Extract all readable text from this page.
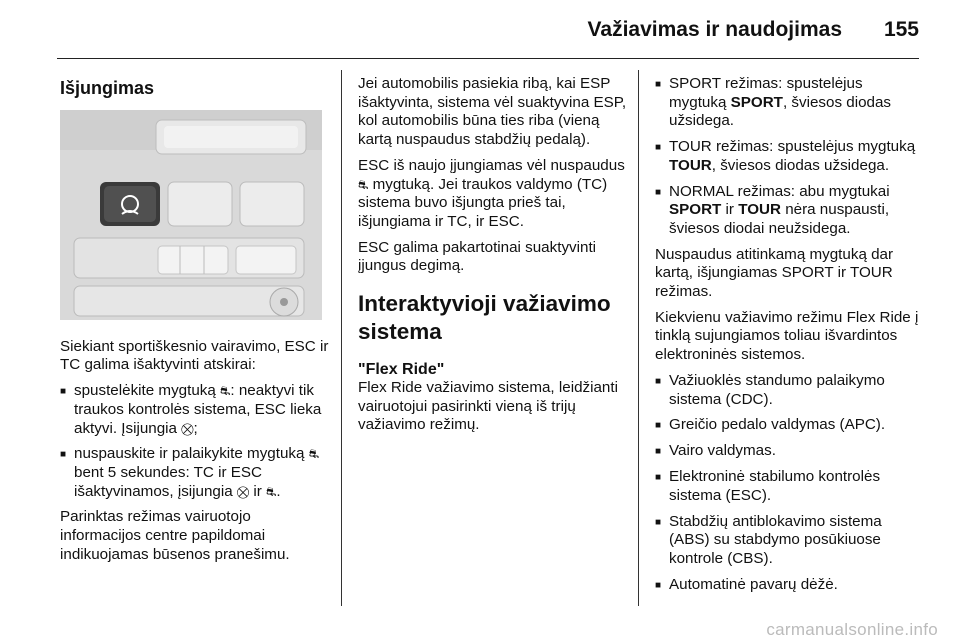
Važiavimas ir naudojimas 155
Išjungimas

Siekiant sportiškesnio vairavimo, ESC ir TC galima išaktyvinti atskirai:

■ spustelėkite mygtuką ⛐: neaktyvi tik traukos kontrolės sistema, ESC lieka aktyvi. Įsijungia ⛒;
■ nuspauskite ir palaikykite mygtuką ⛐ bent 5 sekundes: TC ir ESC išaktyvinamos, įsijungia ⛒ ir ⛐.

Parinktas režimas vairuotojo informacijos centre papildomai indikuojamas būsenos pranešimu.

Jei automobilis pasiekia ribą, kai ESP išaktyvinta, sistema vėl suaktyvina ESP, kol automobilis būna ties riba (vieną kartą nuspaudus stabdžių pedalą).

ESC iš naujo įjungiamas vėl nuspaudus ⛐ mygtuką. Jei traukos valdymo (TC) sistema buvo išjungta prieš tai, išjungiama ir TC, ir ESC.

ESC galima pakartotinai suaktyvinti įjungus degimą.

Interaktyvioji važiavimo sistema
"Flex Ride"

Flex Ride važiavimo sistema, leidžianti vairuotojui pasirinkti vieną iš trijų važiavimo režimų.

■ SPORT režimas: spustelėjus mygtuką SPORT, šviesos diodas užsidega.
■ TOUR režimas: spustelėjus mygtuką TOUR, šviesos diodas užsidega.
■ NORMAL režimas: abu mygtukai SPORT ir TOUR nėra nuspausti, šviesos diodai neužsidega.

Nuspaudus atitinkamą mygtuką dar kartą, išjungiamas SPORT ir TOUR režimas.

Kiekvienu važiavimo režimu Flex Ride į tinklą sujungiamos toliau išvardintos elektroninės sistemos.

■ Važiuoklės standumo palaikymo sistema (CDC).
■ Greičio pedalo valdymas (APC).
■ Vairo valdymas.
■ Elektroninė stabilumo kontrolės sistema (ESC).
■ Stabdžių antiblokavimo sistema (ABS) su stabdymo posūkiuose kontrole (CBS).
■ Automatinė pavarų dėžė.
carmanualsonline.info
